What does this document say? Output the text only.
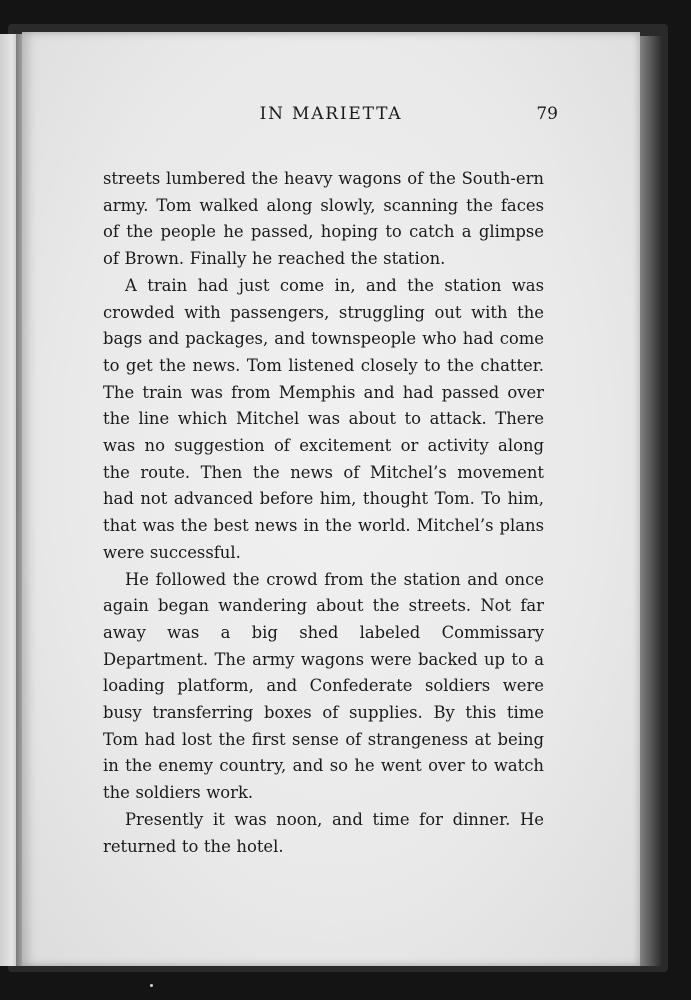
IN MARIETTA	79

streets lumbered the heavy wagons of the South-ern army. Tom walked along slowly, scanning the faces of the people he passed, hoping to catch a glimpse of Brown. Finally he reached the station.

A train had just come in, and the station was crowded with passengers, struggling out with the bags and packages, and townspeople who had come to get the news. Tom listened closely to the chatter. The train was from Memphis and had passed over the line which Mitchel was about to attack. There was no suggestion of excitement or activity along the route. Then the news of Mitchel’s movement had not advanced before him, thought Tom. To him, that was the best news in the world. Mitchel’s plans were successful.

He followed the crowd from the station and once again began wandering about the streets. Not far away was a big shed labeled Commissary Department. The army wagons were backed up to a loading platform, and Confederate soldiers were busy transferring boxes of supplies. By this time Tom had lost the first sense of strangeness at being in the enemy country, and so he went over to watch the soldiers work.

Presently it was noon, and time for dinner. He returned to the hotel.
